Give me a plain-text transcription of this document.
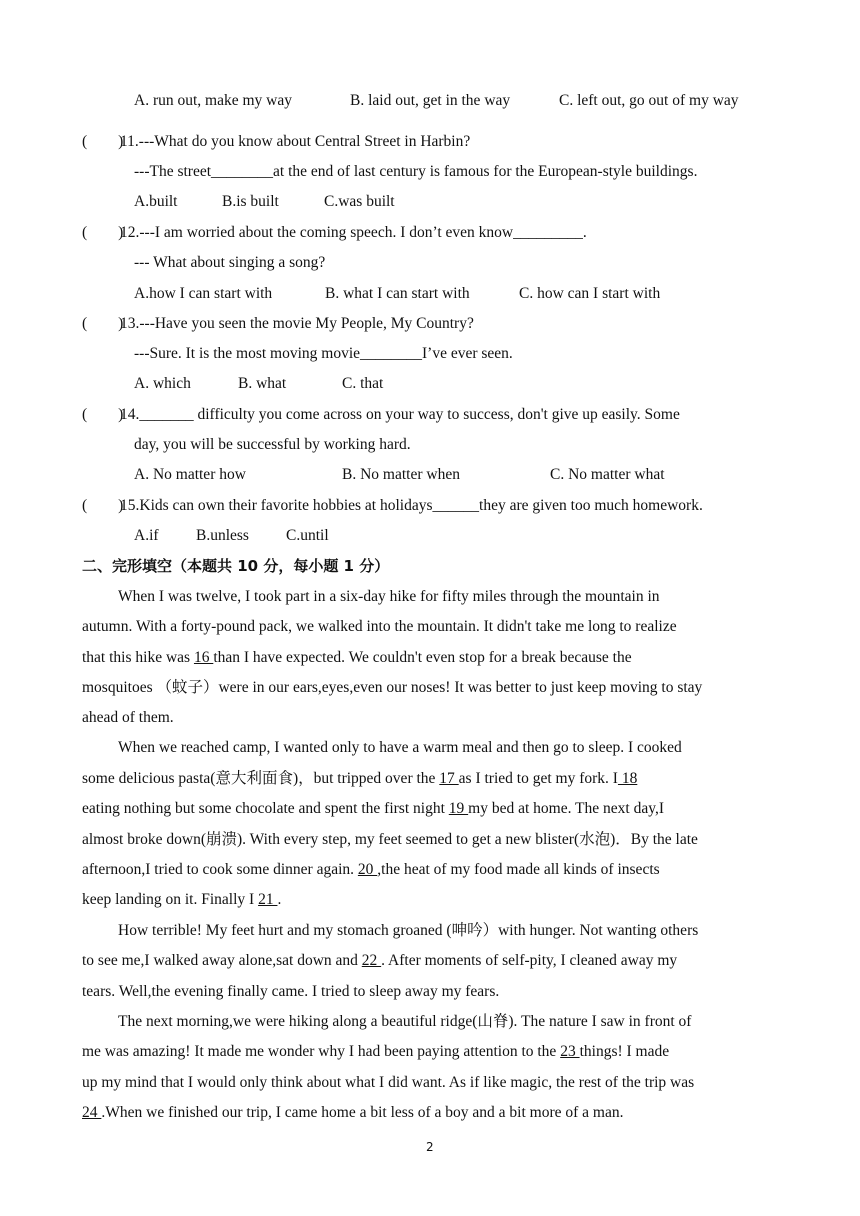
A. run out, make my way	B. laid out, get in the way	C. left out, go out of my way
(        )
11.---What do you know about Central Street in Harbin?
---The street________at the end of last century is famous for the European-style buildings.
A.built	B.is built	C.was built
(        )
12.---I am worried about the coming speech. I don’t even know_________.
--- What about singing a song?
A.how I can start with	B. what I can start with	C. how can I start with
(        )
13.---Have you seen the movie My People, My Country?
---Sure. It is the most moving movie________I’ve ever seen.
A. which	B. what	C. that
(        )
14._______ difficulty you come across on your way to success, don't give up easily. Some
day, you will be successful by working hard.
A. No matter how	B. No matter when	C. No matter what
(        )
15.Kids can own their favorite hobbies at holidays______they are given too much homework.
A.if B.unless C.until
二、完形填空（本题共 10 分，每小题 1 分）
When I was twelve, I took part in a six-day hike for fifty miles through the mountain in
autumn. With a forty-pound pack, we walked into the mountain. It didn't take me long to realize
that this hike was 16 than I have expected. We couldn't even stop for a break because the
mosquitoes （蚊子）were in our ears,eyes,even our noses! It was better to just keep moving to stay
ahead of them.
When we reached camp, I wanted only to have a warm meal and then go to sleep. I cooked
some delicious pasta(意大利面食)，but tripped over the 17 as I tried to get my fork. I 18
eating nothing but some chocolate and spent the first night 19 my bed at home. The next day,I
almost broke down(崩溃). With every step, my feet seemed to get a new blister(水泡)．By the late
afternoon,I tried to cook some dinner again. 20 ,the heat of my food made all kinds of insects
keep landing on it. Finally I 21 .
How terrible! My feet hurt and my stomach groaned (呻吟）with hunger. Not wanting others
to see me,I walked away alone,sat down and 22 . After moments of self-pity, I cleaned away my
tears. Well,the evening finally came. I tried to sleep away my fears.
The next morning,we were hiking along a beautiful ridge(山脊). The nature I saw in front of
me was amazing! It made me wonder why I had been paying attention to the 23 things! I made
up my mind that I would only think about what I did want. As if like magic, the rest of the trip was
24 .When we finished our trip, I came home a bit less of a boy and a bit more of a man.
2
